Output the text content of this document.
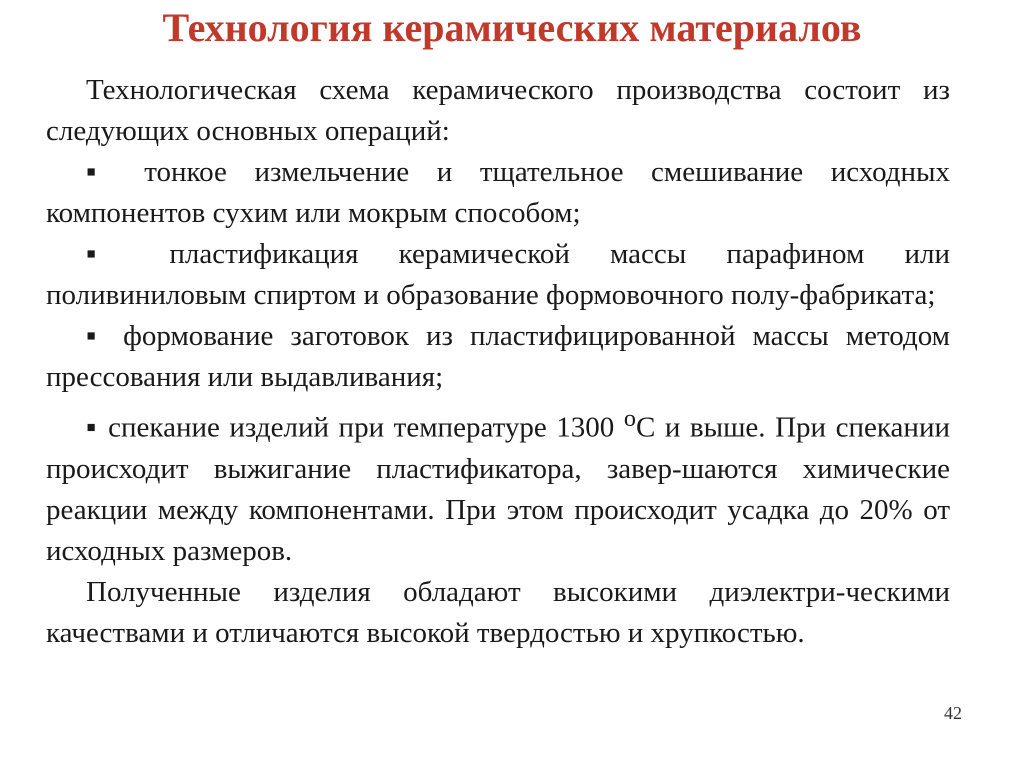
Технология керамических материалов

Технологическая схема керамического производства состоит из следующих основных операций:

▪ тонкое измельчение и тщательное смешивание исходных компонентов сухим или мокрым способом;

▪ пластификация керамической массы парафином или поливиниловым спиртом и образование формовочного полу-фабриката;

▪ формование заготовок из пластифицированной массы методом прессования или выдавливания;

▪ спекание изделий при температуре 1300 $^о$С и выше. При спекании происходит выжигание пластификатора, завер-шаются химические реакции между компонентами. При этом происходит усадка до 20% от исходных размеров.

Полученные изделия обладают высокими диэлектри-ческими качествами и отличаются высокой твердостью и хрупкостью.

42
